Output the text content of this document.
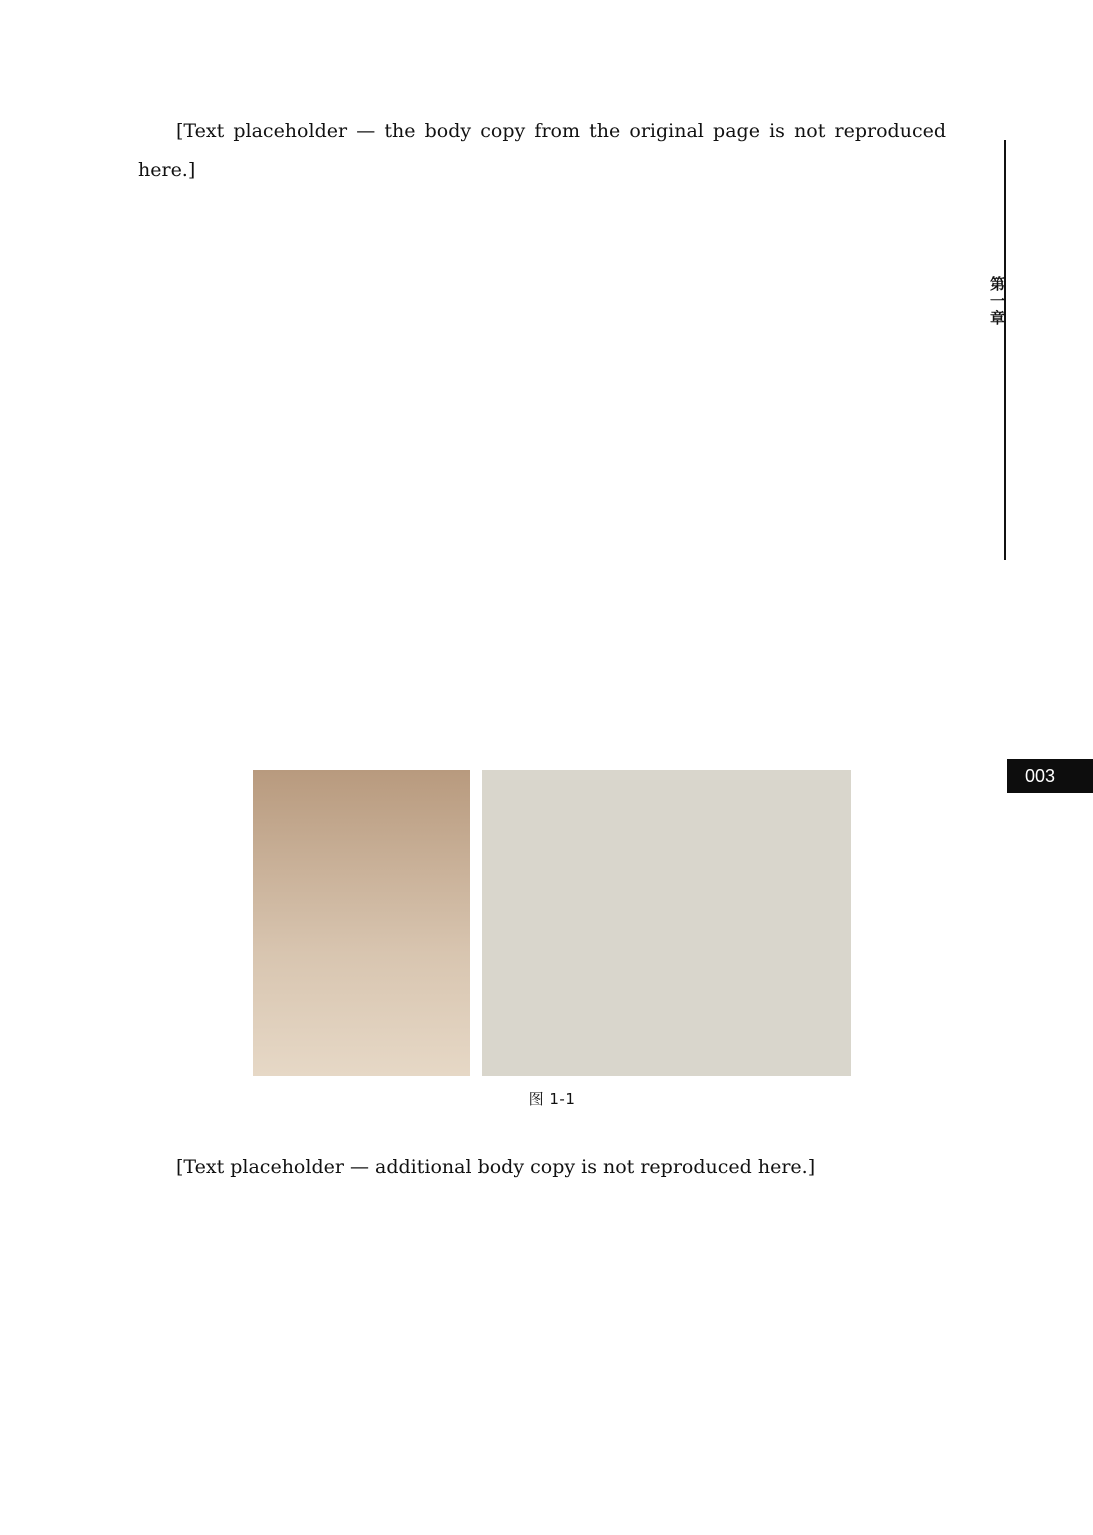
[Text placeholder — the body copy from the original page is not reproduced here.]

图 1-1

[Text placeholder — additional body copy is not reproduced here.]

第一章
003
